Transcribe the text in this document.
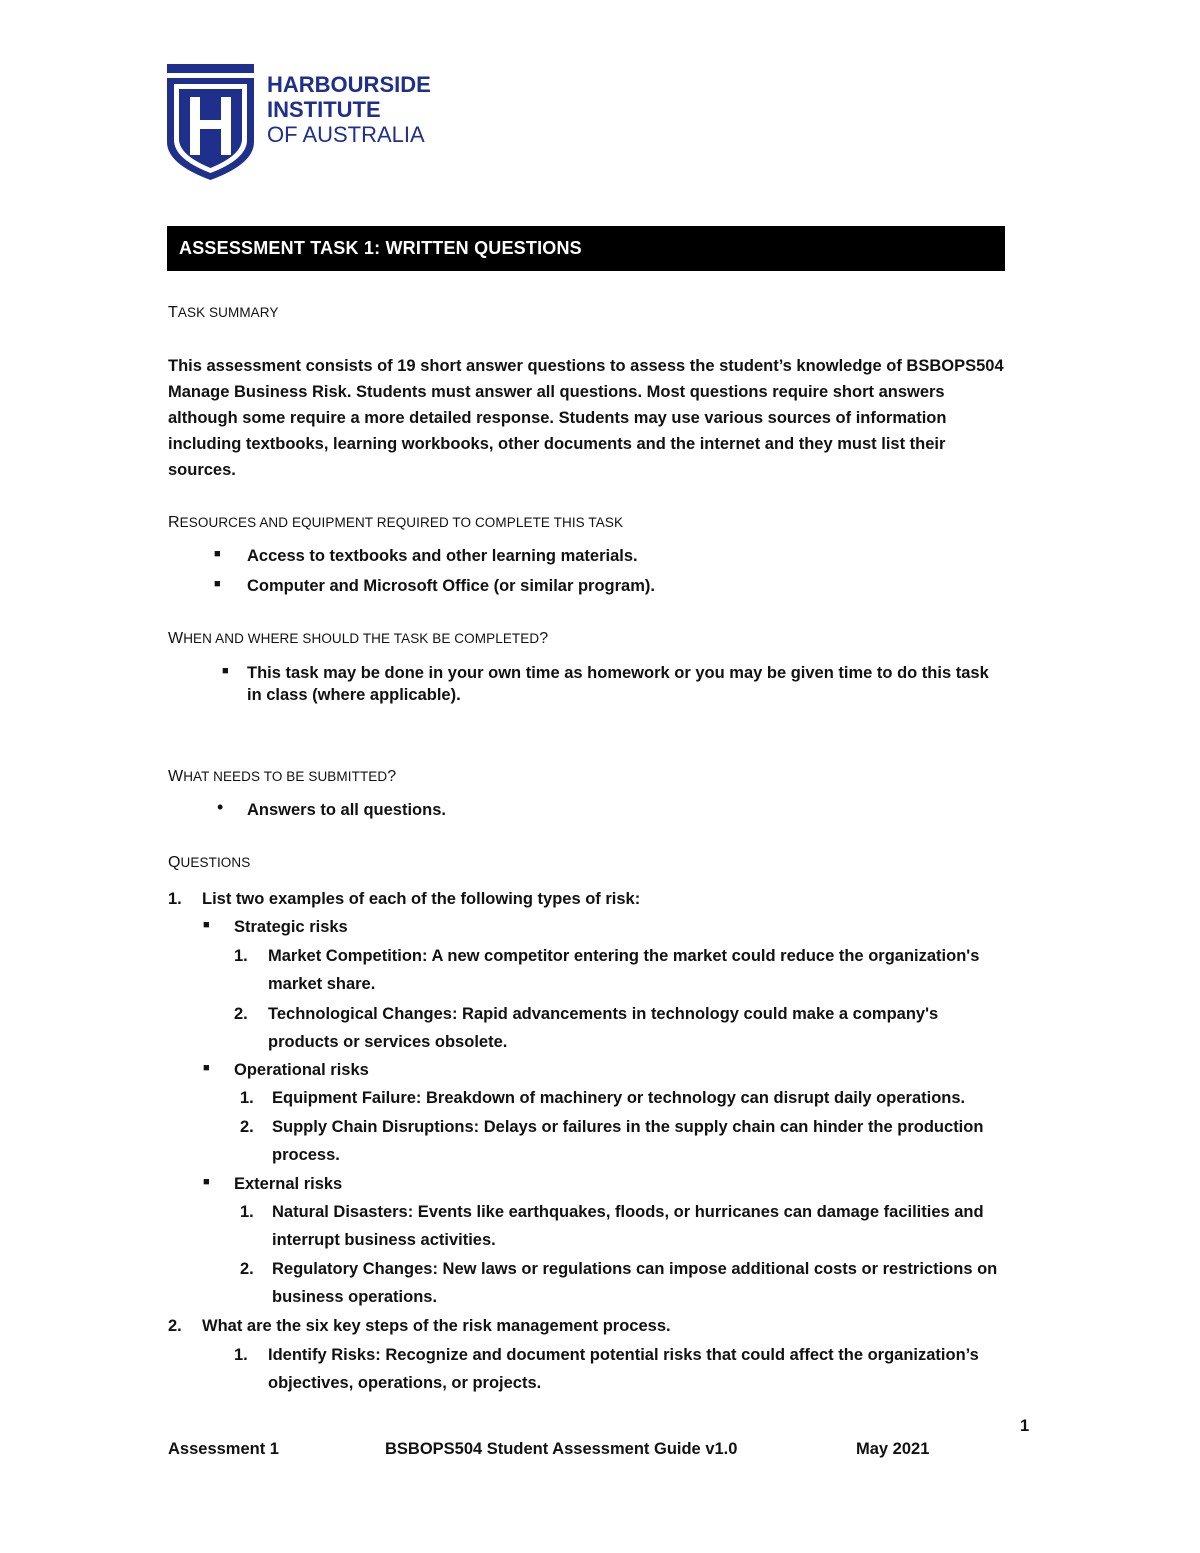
HARBOURSIDE
INSTITUTE
OF AUSTRALIA
ASSESSMENT TASK 1: WRITTEN QUESTIONS
TASK SUMMARY
This assessment consists of 19 short answer questions to assess the student’s knowledge of BSBOPS504
Manage Business Risk. Students must answer all questions. Most questions require short answers
although some require a more detailed response. Students may use various sources of information
including textbooks, learning workbooks, other documents and the internet and they must list their
sources.
RESOURCES AND EQUIPMENT REQUIRED TO COMPLETE THIS TASK
■ Access to textbooks and other learning materials.
■ Computer and Microsoft Office (or similar program).
WHEN AND WHERE SHOULD THE TASK BE COMPLETED?
■ This task may be done in your own time as homework or you may be given time to do this task
in class (where applicable).
WHAT NEEDS TO BE SUBMITTED?
• Answers to all questions.
QUESTIONS
1. List two examples of each of the following types of risk:
■ Strategic risks
1. Market Competition: A new competitor entering the market could reduce the organization's
market share.
2. Technological Changes: Rapid advancements in technology could make a company's
products or services obsolete.
■ Operational risks
1. Equipment Failure: Breakdown of machinery or technology can disrupt daily operations.
2. Supply Chain Disruptions: Delays or failures in the supply chain can hinder the production
process.
■ External risks
1. Natural Disasters: Events like earthquakes, floods, or hurricanes can damage facilities and
interrupt business activities.
2. Regulatory Changes: New laws or regulations can impose additional costs or restrictions on
business operations.
2. What are the six key steps of the risk management process.
1. Identify Risks: Recognize and document potential risks that could affect the organization’s
objectives, operations, or projects.
1
Assessment 1	BSBOPS504 Student Assessment Guide v1.0	May 2021
